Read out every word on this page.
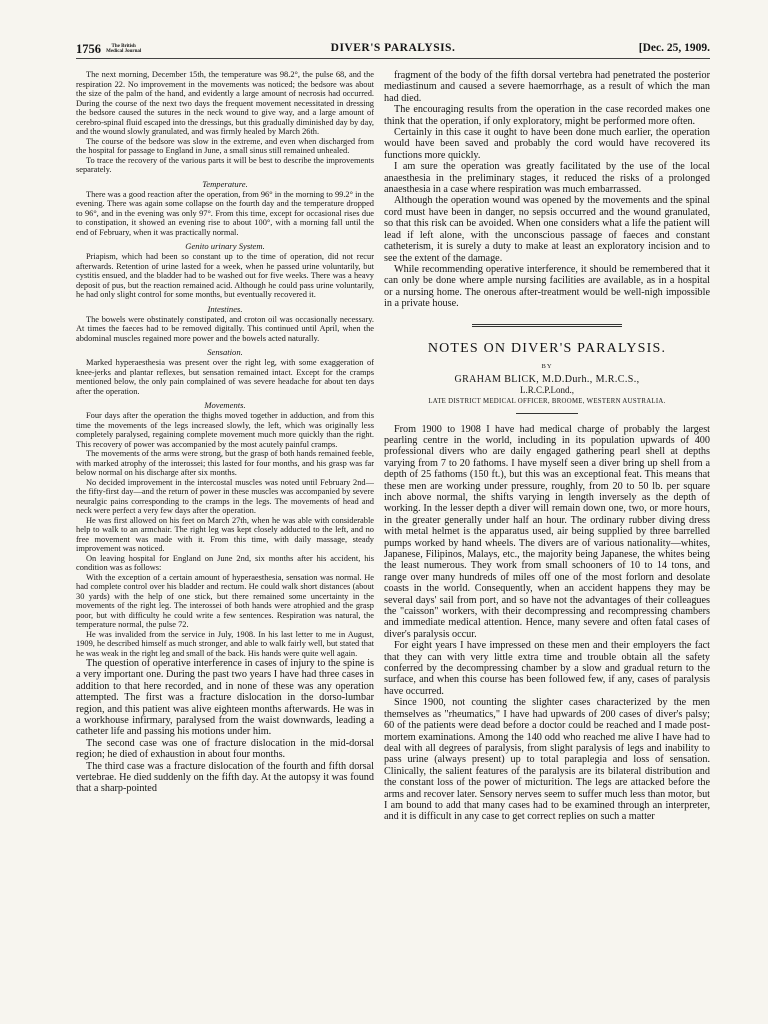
1756 The British
Medical Journal	DIVER'S PARALYSIS.	[Dec. 25, 1909.

The next morning, December 15th, the temperature was 98.2°, the pulse 68, and the respiration 22. No improvement in the movements was noticed; the bedsore was about the size of the palm of the hand, and evidently a large amount of necrosis had occurred. During the course of the next two days the frequent movement necessitated in dressing the bedsore caused the sutures in the neck wound to give way, and a large amount of cerebro-spinal fluid escaped into the dressings, but this gradually diminished day by day, and the wound slowly granulated, and was firmly healed by March 26th.

The course of the bedsore was slow in the extreme, and even when discharged from the hospital for passage to England in June, a small sinus still remained unhealed.

To trace the recovery of the various parts it will be best to describe the improvements separately.

Temperature.

There was a good reaction after the operation, from 96° in the morning to 99.2° in the evening. There was again some collapse on the fourth day and the temperature dropped to 96°, and in the evening was only 97°. From this time, except for occasional rises due to constipation, it showed an evening rise to about 100°, with a morning fall until the end of February, when it was practically normal.

Genito urinary System.

Priapism, which had been so constant up to the time of operation, did not recur afterwards. Retention of urine lasted for a week, when he passed urine voluntarily, but cystitis ensued, and the bladder had to be washed out for five weeks. There was a heavy deposit of pus, but the reaction remained acid. Although he could pass urine voluntarily, he had only slight control for some months, but eventually recovered it.

Intestines.

The bowels were obstinately constipated, and croton oil was occasionally necessary. At times the faeces had to be removed digitally. This continued until April, when the abdominal muscles regained more power and the bowels acted naturally.

Sensation.

Marked hyperaesthesia was present over the right leg, with some exaggeration of knee-jerks and plantar reflexes, but sensation remained intact. Except for the cramps mentioned below, the only pain complained of was severe headache for about ten days after the operation.

Movements.

Four days after the operation the thighs moved together in adduction, and from this time the movements of the legs increased slowly, the left, which was originally less completely paralysed, regaining complete movement much more quickly than the right. This recovery of power was accompanied by the most acutely painful cramps.

The movements of the arms were strong, but the grasp of both hands remained feeble, with marked atrophy of the interossei; this lasted for four months, and his grasp was far below normal on his discharge after six months.

No decided improvement in the intercostal muscles was noted until February 2nd—the fifty-first day—and the return of power in these muscles was accompanied by severe neuralgic pains corresponding to the cramps in the legs. The movements of head and neck were perfect a very few days after the operation.

He was first allowed on his feet on March 27th, when he was able with considerable help to walk to an armchair. The right leg was kept closely adducted to the left, and no free movement was made with it. From this time, with daily massage, steady improvement was noticed.

On leaving hospital for England on June 2nd, six months after his accident, his condition was as follows:

With the exception of a certain amount of hyperaesthesia, sensation was normal. He had complete control over his bladder and rectum. He could walk short distances (about 30 yards) with the help of one stick, but there remained some uncertainty in the movements of the right leg. The interossei of both hands were atrophied and the grasp poor, but with difficulty he could write a few sentences. Respiration was natural, the temperature normal, the pulse 72.

He was invalided from the service in July, 1908. In his last letter to me in August, 1909, he described himself as much stronger, and able to walk fairly well, but stated that he was weak in the right leg and small of the back. His hands were quite well again.

The question of operative interference in cases of injury to the spine is a very important one. During the past two years I have had three cases in addition to that here recorded, and in none of these was any operation attempted. The first was a fracture dislocation in the dorso-lumbar region, and this patient was alive eighteen months afterwards. He was in a workhouse infirmary, paralysed from the waist downwards, leading a catheter life and passing his motions under him.

The second case was one of fracture dislocation in the mid-dorsal region; he died of exhaustion in about four months.

The third case was a fracture dislocation of the fourth and fifth dorsal vertebrae. He died suddenly on the fifth day. At the autopsy it was found that a sharp-pointed

fragment of the body of the fifth dorsal vertebra had penetrated the posterior mediastinum and caused a severe haemorrhage, as a result of which the man had died.

The encouraging results from the operation in the case recorded makes one think that the operation, if only exploratory, might be performed more often.

Certainly in this case it ought to have been done much earlier, the operation would have been saved and probably the cord would have recovered its functions more quickly.

I am sure the operation was greatly facilitated by the use of the local anaesthesia in the preliminary stages, it reduced the risks of a prolonged anaesthesia in a case where respiration was much embarrassed.

Although the operation wound was opened by the movements and the spinal cord must have been in danger, no sepsis occurred and the wound granulated, so that this risk can be avoided. When one considers what a life the patient will lead if left alone, with the unconscious passage of faeces and constant catheterism, it is surely a duty to make at least an exploratory incision and to see the extent of the damage.

While recommending operative interference, it should be remembered that it can only be done where ample nursing facilities are available, as in a hospital or a nursing home. The onerous after-treatment would be well-nigh impossible in a private house.

NOTES ON DIVER'S PARALYSIS.
BY
GRAHAM BLICK, M.D.Durh., M.R.C.S.,
L.R.C.P.Lond.,
LATE DISTRICT MEDICAL OFFICER, BROOME, WESTERN AUSTRALIA.

From 1900 to 1908 I have had medical charge of probably the largest pearling centre in the world, including in its population upwards of 400 professional divers who are daily engaged gathering pearl shell at depths varying from 7 to 20 fathoms. I have myself seen a diver bring up shell from a depth of 25 fathoms (150 ft.), but this was an exceptional feat. This means that these men are working under pressure, roughly, from 20 to 50 lb. per square inch above normal, the shifts varying in length inversely as the depth of working. In the lesser depth a diver will remain down one, two, or more hours, in the greater generally under half an hour. The ordinary rubber diving dress with metal helmet is the apparatus used, air being supplied by three barrelled pumps worked by hand wheels. The divers are of various nationality—whites, Japanese, Filipinos, Malays, etc., the majority being Japanese, the whites being the least numerous. They work from small schooners of 10 to 14 tons, and range over many hundreds of miles off one of the most forlorn and desolate coasts in the world. Consequently, when an accident happens they may be several days' sail from port, and so have not the advantages of their colleagues the "caisson" workers, with their decompressing and recompressing chambers and immediate medical attention. Hence, many severe and often fatal cases of diver's paralysis occur.

For eight years I have impressed on these men and their employers the fact that they can with very little extra time and trouble obtain all the safety conferred by the decompressing chamber by a slow and gradual return to the surface, and when this course has been followed few, if any, cases of paralysis have occurred.

Since 1900, not counting the slighter cases characterized by the men themselves as "rheumatics," I have had upwards of 200 cases of diver's palsy; 60 of the patients were dead before a doctor could be reached and I made post-mortem examinations. Among the 140 odd who reached me alive I have had to deal with all degrees of paralysis, from slight paralysis of legs and inability to pass urine (always present) up to total paraplegia and loss of sensation. Clinically, the salient features of the paralysis are its bilateral distribution and the constant loss of the power of micturition. The legs are attacked before the arms and recover later. Sensory nerves seem to suffer much less than motor, but I am bound to add that many cases had to be examined through an interpreter, and it is difficult in any case to get correct replies on such a matter
